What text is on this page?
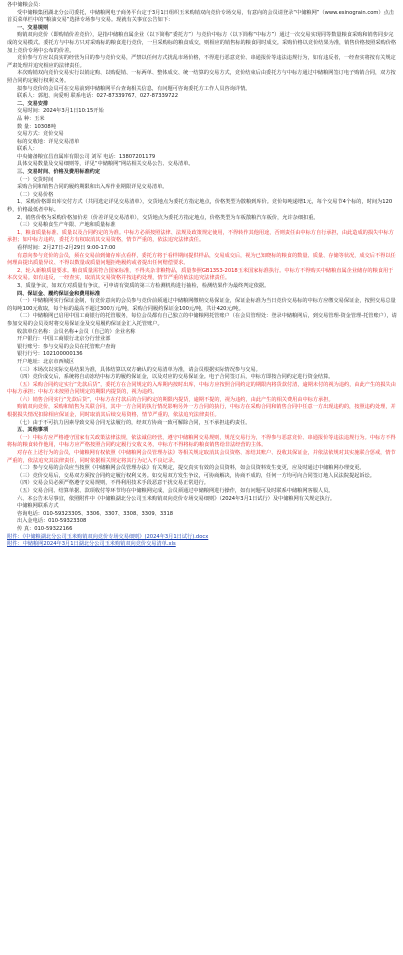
各中储粮会员：

受中储粮集团湖北分公司委托，中储粮网电子商务平台定于3月1日组织玉米购销双向竞价专场交易，有意向的会员请登录“中储粮网”（www.esinograin.com）点击首页菜单栏中的“粮油交易”选择专场参与交易。现就有关事宜公告如下：

一、交易规则

购销双向竞价（即购销价差竞价），是指中储粮直属企业（以下简称“委托方”）与竞价中标方（以下简称“中标方”）通过一次交易实现同等数量粮食采购和销售同步完成的交易模式。委托方与中标方只对采购标的粮食进行竞价，一旦采购标的粮食成交，则相应的销售标的粮食同时成交。采购价格以竞价结果为准，销售价格按照采购价格加上竞价专场中公布的价差。

竞价参与方应以真实的经营为目的参与竞价交易，严禁以任何方式扰乱市场价格，不得进行恶意竞价、串通报价等违法违规行为，如有违反者，一经查实将按有关规定严肃处理并追究相应的法律责任。

本次购销双向竞价交易实行以销定购、以购促销、一标两单、整体成交、统一结算的交易方式，竞价结束后由委托方与中标方通过中储粮网签订电子购销合同，双方按照合同约定履行权利义务。

拟参与竞价的会员可在交易前到中储粮网平台查询相关信息，有问题可咨询委托方工作人员咨询详情。

联系人：郭旭、向爱明 联系电话：027-87339767、027-87339722

二、交易安排

交易时间：2024年3月1日10:15开始

品 种：玉米

数 量：10308吨

交易方式：竞价交易

标的交收地：详见交易清单

联系人：

中央储备粮宜昌直属库有限公司 刘军 电话：13807201179

具体交易数量及交易细则等，详见“中储粮网”网站相关交易公告、交易清单。

三、交易时间、价格及费用标准约定

（一）交货时间

采购合同和销售合同的履约期限和出入库作业期限详见交易清单。

（二）交易价格

1、采购价格即出库交付方式（共同选定详见交易清单），交货地点为委托方指定地点，价格类型为散粮到库价。竞价每吨递增1元，每个交易节4个标的，时间为120秒，价格最低者中标。

2、销售价格为采购价格加价差（价差详见交易清单），交货地点为委托方指定地点，价格类型为车板散粮汽车板价，允许杂细扣重。

（三）交易粮食生产年限、产地和质量标准

1、粮食质量标准、质量以及合同约定的为准。中标方必须按照法律、法规及政策规定使用，不得转作其他用途，否则责任由中标方自行承担，由此造成的损失中标方承担；如中标方违约，委托方有权取消其交易资格，情节严重的，依法追究法律责任。

看样时间：2月27日-2月29日 9:00-17:00

有意向参与竞价的会员，须在交易前到储存库点看样，委托方将于看样期间提供样品，交易成交后，视为已知晓标的粮食的数量、质量、存储等状况，成交后不得以任何理由提出质量异议、不得以数量或质量问题拒绝履约或者提出任何赔偿要求。

2、轮入新粮质量要求。粮食质量需符合国家标准，不得夹杂非粮物品，质量参照GB1353-2018玉米国家标准执行。中标方不得购买中储粮直属企业储存的粮食用于本次交易。如有违反，一经查实，取消其交易资格并按违约处理，情节严重的依法追究法律责任。

3、质量争议，如双方对质量有争议，可申请有资质的第三方检测机构进行抽检，检测结果作为最终判定依据。

四、保证金、履约保证金和费用标准

（一）中储粮网实行保证金制，有竞价意向的会员参与竞价前须通过中储粮网缴纳交易保证金，保证金标准为当日竞价交易标的中标方应缴交易保证金，按照交易总量的每吨100元收取，每个标的最高不超过300万元/吨，采购合同履约保证金100元/吨，共计420元/吨。

（二）中储粮网已启用中国工商银行的托管服务，每位会员都有自己独立的中储粮网托管账户（在会员管理处：登录中储粮网后，到交易管理-资金管理-托管账户），请参加交易的会员及时将交易保证金及交易履约保证金汇入托管账户。

收款单位名称：会员名称+会员（自己的）企业名称

开户银行：中国工商银行北京分行营业部

银行账号：参与交易的会员在托管账户查询

银行行号：102100000136

开户地址：北京市西城区

（三）本场次以实际交易结果为准，具体结算以双方确认的交易清单为准，请会员根据实际情况参与交易。

（四）竞价成交后，系统将自动冻结中标方的履约保证金，以及对应的交易保证金。电子合同签订后，中标方即按合同约定进行资金结算。

（五）采购合同约定实行“先款后货”，委托方在合同规定的入库期内按时出库，中标方应按照合同约定的期限内将货款付清，逾期未付的视为违约，由此产生的损失由中标方承担；中标方未按照合同规定的期限内提货的，视为违约。

（六）销售合同实行“先款后货”，中标方在付款后的合同约定的期限内提货，逾期不提的，视为违约，由此产生的相关费用由中标方承担。

购销双向竞价，采购和销售为关联合同，其中一方合同的执行情况影响另外一方合同的执行，中标方在采购合同和销售合同中任意一方出现违约的，按照违约处理，并根据损失情况扣除相应保证金，同时取消其后续交易资格，情节严重的，依法追究法律责任。

（七）由于不可抗力因素导致交易合同无法履行的，经双方协商一致可解除合同，互不承担违约责任。

五、其他事项

（一）中标方应严格遵守国家有关政策法律法规，依法诚信经营，遵守中储粮网交易规则，规范交易行为，不得参与恶意竞价、串通报价等违法违规行为。中标方不得将标的粮食转作他用，中标方应严格按照合同约定履行交收义务，中标方不得将标的粮食销售给非法经营的主体。

对存在上述行为的会员，中储粮网有权依照《中储粮网会员管理办法》等相关规定取消其会员资格、冻结其账户、没收其保证金，并依法依规对其实施联合惩戒，情节严重的，依法追究其法律责任，同时依据相关规定将其行为记入不良记录。

（二）参与交易的会员应当按照《中储粮网会员管理办法》有关规定，提交真实有效的会员资料，如会员资料发生变更，应及时通过中储粮网办理变更。

（三）竞价交易后，交易双方须按合同约定履行权利义务。如交易双方发生争议，可协商解决，协商不成的，任何一方均可向合同签订地人民法院提起诉讼。

（四）交易会员必须严格遵守交易规则，不得利用技术手段恶意干扰交易正常进行。

（五）交易合同、结算单据、款项收付等环节均在中储粮网完成，会员须通过中储粮网进行操作，如有问题可及时联系中储粮网客服人员。

六、本公告未尽事宜，依照附件中《中储粮湖北分公司玉米购销双向竞价专场交易细则》（2024年3月1日试行）及中储粮网有关规定执行。

中储粮网联系方式

咨询电话：010-59323305、3306、3307、3308、3309、3318

出入金电话：010-59323308

传 真：010-59322166

附件：《中储粮湖北分公司玉米购销双向竞价专场交易细则》(2024年3月1日试行).docx

附件：中储粮网2024年3月1日湖北分公司玉米购销双向竞价交易清单.xls
